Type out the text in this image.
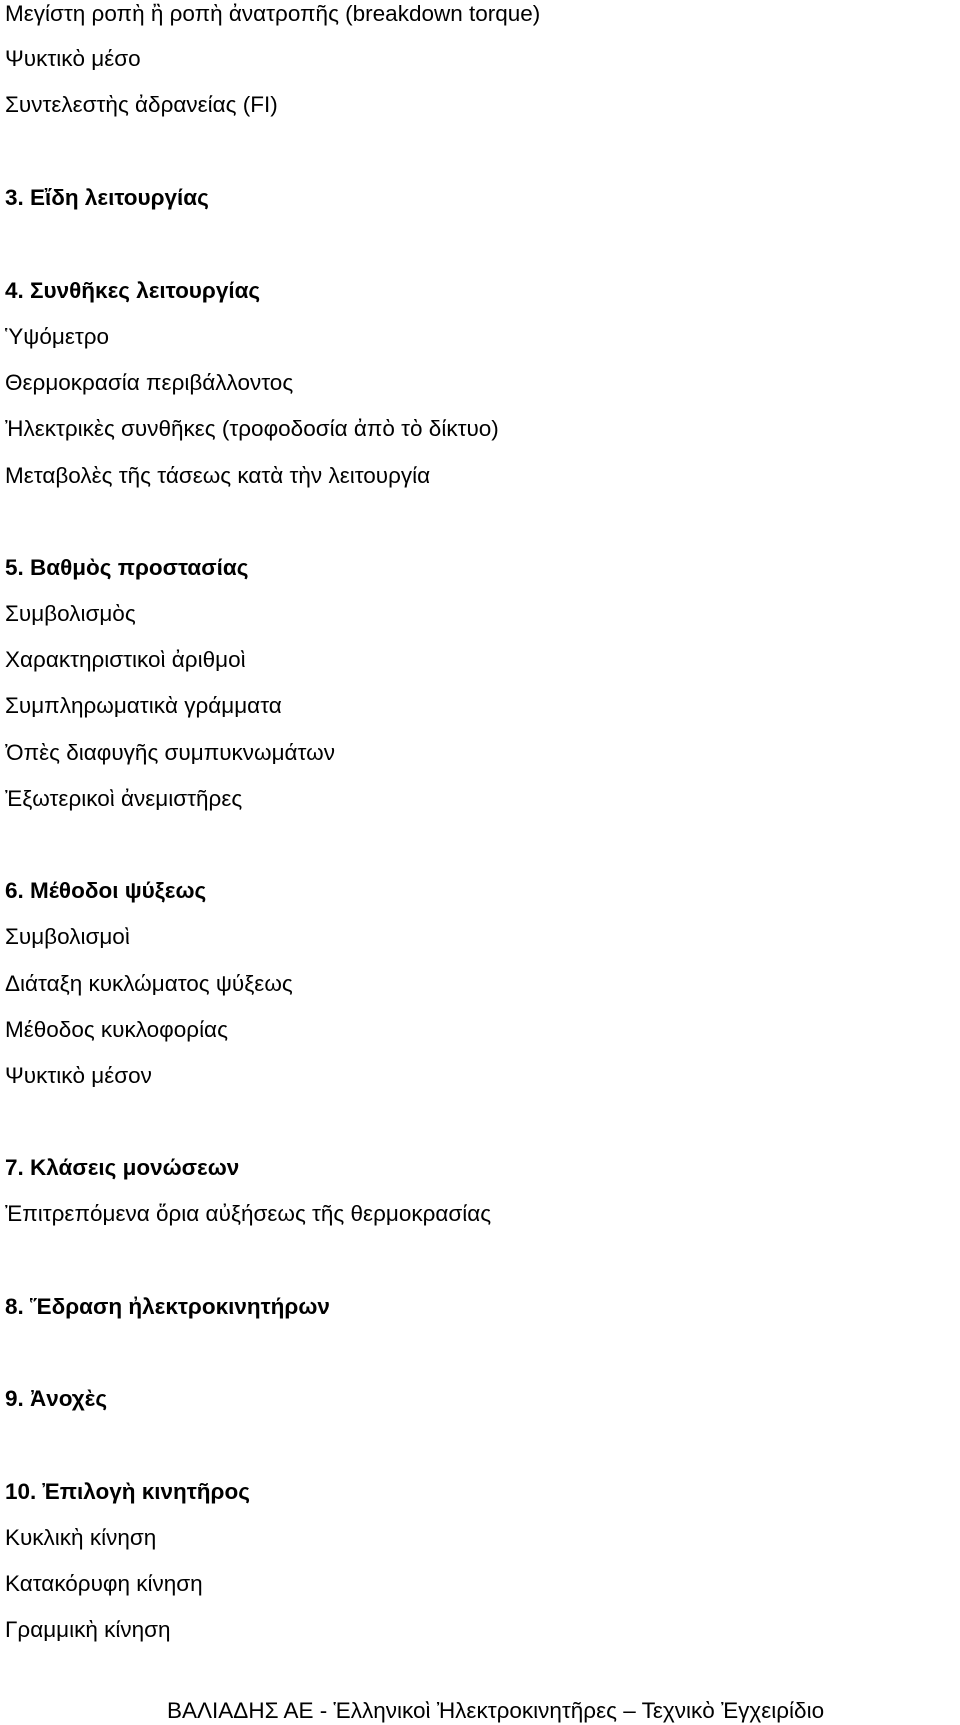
Μεγίστη ροπὴ ἢ ροπὴ ἀνατροπῆς (breakdown torque)

Ψυκτικὸ μέσο

Συντελεστὴς ἀδρανείας (FI)

3. Εἴδη λειτουργίας
4. Συνθῆκες λειτουργίας

Ὑψόμετρο

Θερμοκρασία περιβάλλοντος

Ἠλεκτρικὲς συνθῆκες (τροφοδοσία ἀπὸ τὸ δίκτυο)

Μεταβολὲς τῆς τάσεως κατὰ τὴν λειτουργία

5. Βαθμὸς προστασίας

Συμβολισμὸς

Χαρακτηριστικοὶ ἀριθμοὶ

Συμπληρωματικὰ γράμματα

Ὀπὲς διαφυγῆς συμπυκνωμάτων

Ἐξωτερικοὶ ἀνεμιστῆρες

6. Μέθοδοι ψύξεως

Συμβολισμοὶ

Διάταξη κυκλώματος ψύξεως

Μέθοδος κυκλοφορίας

Ψυκτικὸ μέσον

7. Κλάσεις μονώσεων

Ἐπιτρεπόμενα ὅρια αὐξήσεως τῆς θερμοκρασίας

8. Ἕδραση ἠλεκτροκινητήρων
9. Ἀνοχὲς
10. Ἐπιλογὴ κινητῆρος

Κυκλικὴ κίνηση

Κατακόρυφη κίνηση

Γραμμικὴ κίνηση

ΒΑΛΙΑΔΗΣ ΑΕ - Ἑλληνικοὶ Ἠλεκτροκινητῆρες – Τεχνικὸ Ἐγχειρίδιο
